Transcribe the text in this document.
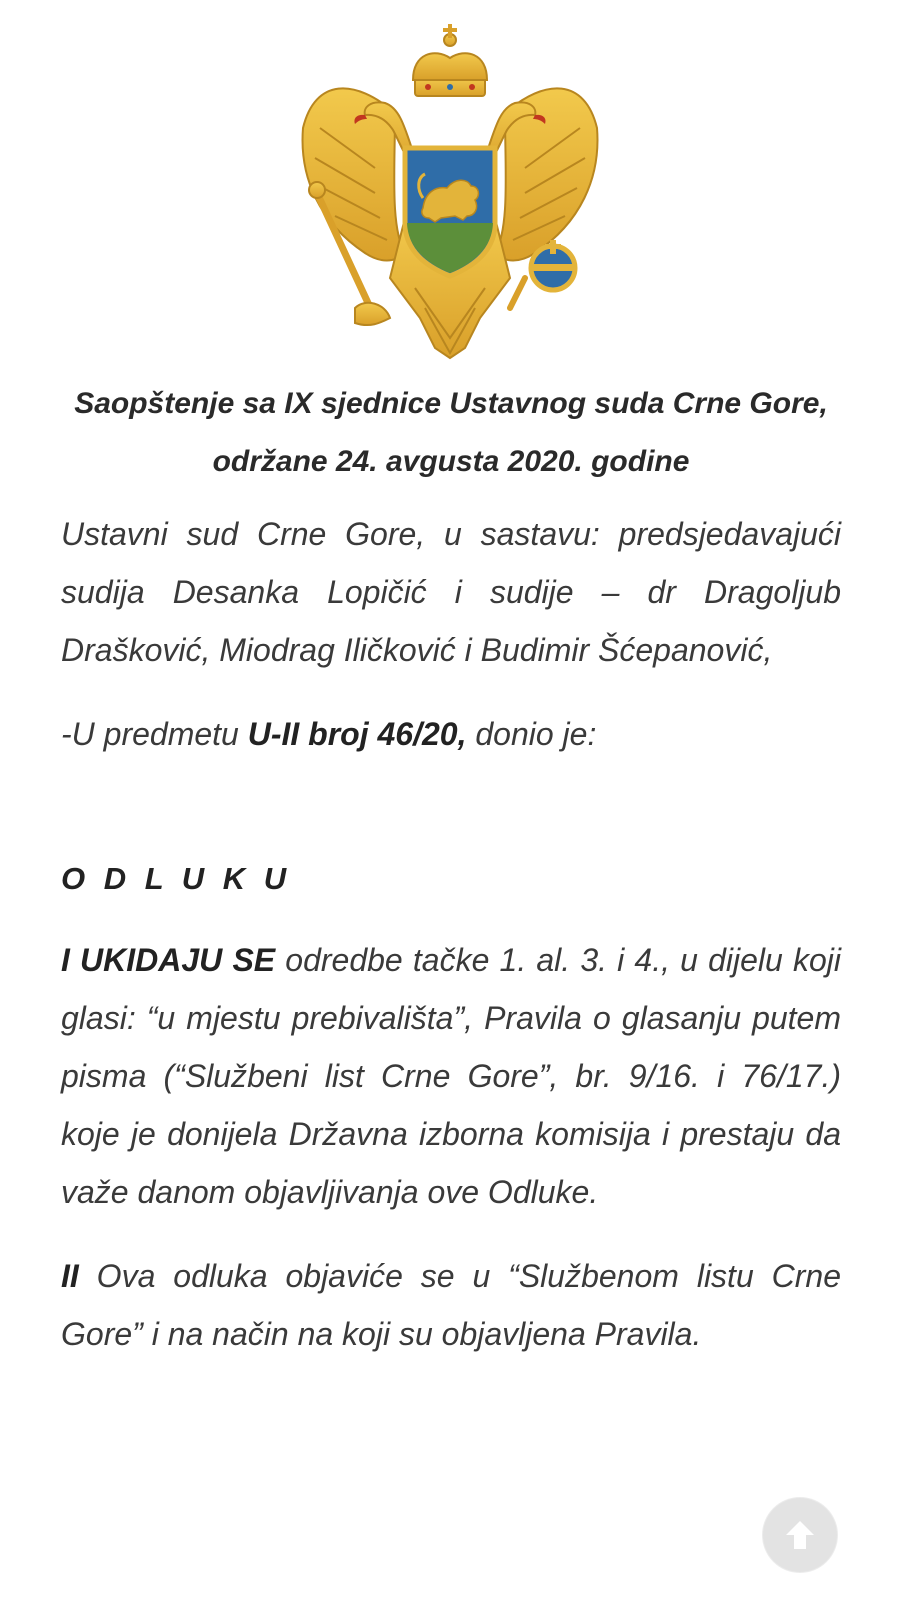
Saopštenje sa IX sjednice Ustavnog suda Crne Gore, održane 24. avgusta 2020. godine

Ustavni sud Crne Gore, u sastavu: predsjedavajući sudija Desanka Lopičić i sudije – dr Dragoljub Drašković, Miodrag Iličković i Budimir Šćepanović,

-U predmetu U-II broj 46/20, donio je:

O D L U K U

I UKIDAJU SE odredbe tačke 1. al. 3. i 4., u dijelu koji glasi: “u mjestu prebivališta”, Pravila o glasanju putem pisma (“Službeni list Crne Gore”, br. 9/16. i 76/17.) koje je donijela Državna izborna komisija i prestaju da važe danom objavljivanja ove Odluke.

II Ova odluka objaviće se u “Službenom listu Crne Gore” i na način na koji su objavljena Pravila.
